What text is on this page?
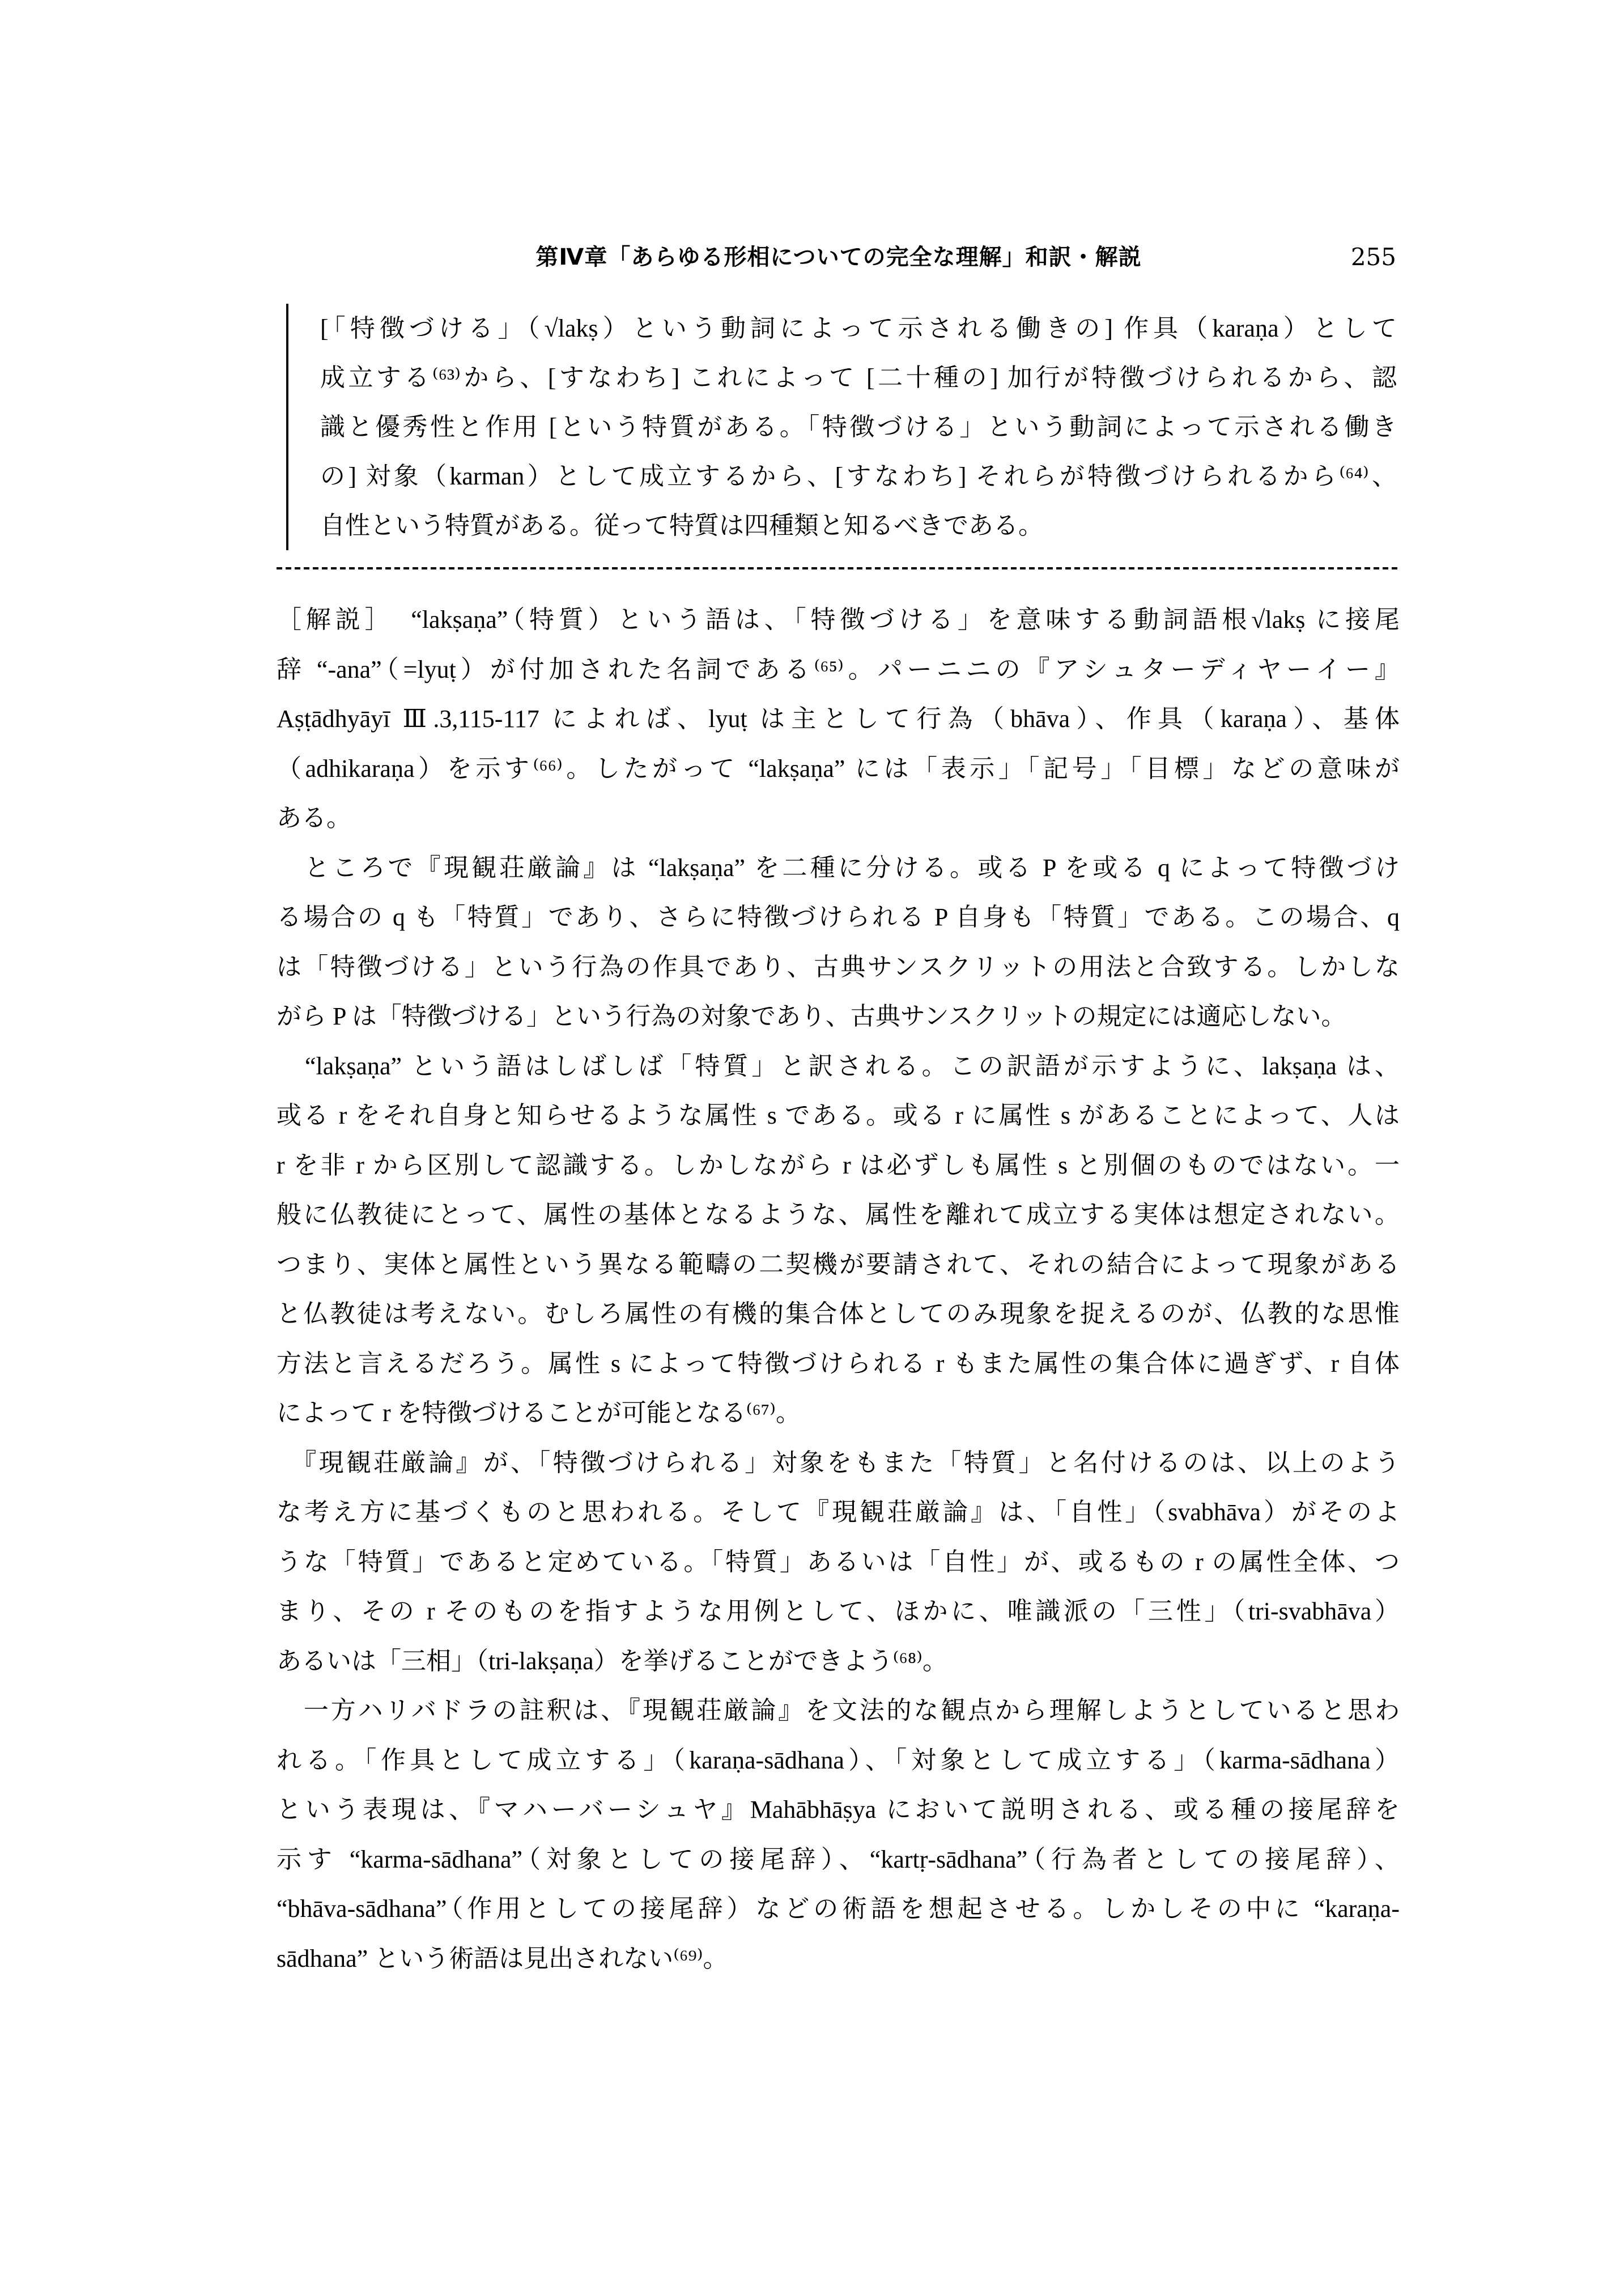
第Ⅳ章「あらゆる形相についての完全な理解」和訳・解説	255
[「特徴づける」（√lakṣ）という動詞によって示される働きの] 作具（karaṇa）として
成立する⁽⁶³⁾から、[すなわち] これによって [二十種の] 加行が特徴づけられるから、認
識と優秀性と作用 [という特質がある。「特徴づける」という動詞によって示される働き
の] 対象（karman）として成立するから、[すなわち] それらが特徴づけられるから⁽⁶⁴⁾、
自性という特質がある。従って特質は四種類と知るべきである。
［解説］　“lakṣaṇa”（特質）という語は、「特徴づける」を意味する動詞語根√lakṣ に接尾
辞 “-ana”（=lyuṭ）が付加された名詞である⁽⁶⁵⁾。パーニニの『アシュターディヤーイー』
Aṣṭādhyāyī Ⅲ.3,115-117 によれば、lyuṭ は主として行為（bhāva）、作具（karaṇa）、基体
（adhikaraṇa）を示す⁽⁶⁶⁾。したがって “lakṣaṇa” には「表示」「記号」「目標」などの意味が
ある。
　ところで『現観荘厳論』は “lakṣaṇa” を二種に分ける。或る P を或る q によって特徴づけ
る場合の q も「特質」であり、さらに特徴づけられる P 自身も「特質」である。この場合、q
は「特徴づける」という行為の作具であり、古典サンスクリットの用法と合致する。しかしな
がら P は「特徴づける」という行為の対象であり、古典サンスクリットの規定には適応しない。
　“lakṣaṇa” という語はしばしば「特質」と訳される。この訳語が示すように、lakṣaṇa は、
或る r をそれ自身と知らせるような属性 s である。或る r に属性 s があることによって、人は
r を非 r から区別して認識する。しかしながら r は必ずしも属性 s と別個のものではない。一
般に仏教徒にとって、属性の基体となるような、属性を離れて成立する実体は想定されない。
つまり、実体と属性という異なる範疇の二契機が要請されて、それの結合によって現象がある
と仏教徒は考えない。むしろ属性の有機的集合体としてのみ現象を捉えるのが、仏教的な思惟
方法と言えるだろう。属性 s によって特徴づけられる r もまた属性の集合体に過ぎず、r 自体
によって r を特徴づけることが可能となる⁽⁶⁷⁾。
　『現観荘厳論』が、「特徴づけられる」対象をもまた「特質」と名付けるのは、以上のよう
な考え方に基づくものと思われる。そして『現観荘厳論』は、「自性」（svabhāva）がそのよ
うな「特質」であると定めている。「特質」あるいは「自性」が、或るもの r の属性全体、つ
まり、その r そのものを指すような用例として、ほかに、唯識派の「三性」（tri-svabhāva）
あるいは「三相」（tri-lakṣaṇa）を挙げることができよう⁽⁶⁸⁾。
　一方ハリバドラの註釈は、『現観荘厳論』を文法的な観点から理解しようとしていると思わ
れる。「作具として成立する」（karaṇa-sādhana）、「対象として成立する」（karma-sādhana）
という表現は、『マハーバーシュヤ』Mahābhāṣya において説明される、或る種の接尾辞を
示す “karma-sādhana”（対象としての接尾辞）、“kartṛ-sādhana”（行為者としての接尾辞）、
“bhāva-sādhana”（作用としての接尾辞）などの術語を想起させる。しかしその中に “karaṇa-
sādhana” という術語は見出されない⁽⁶⁹⁾。
